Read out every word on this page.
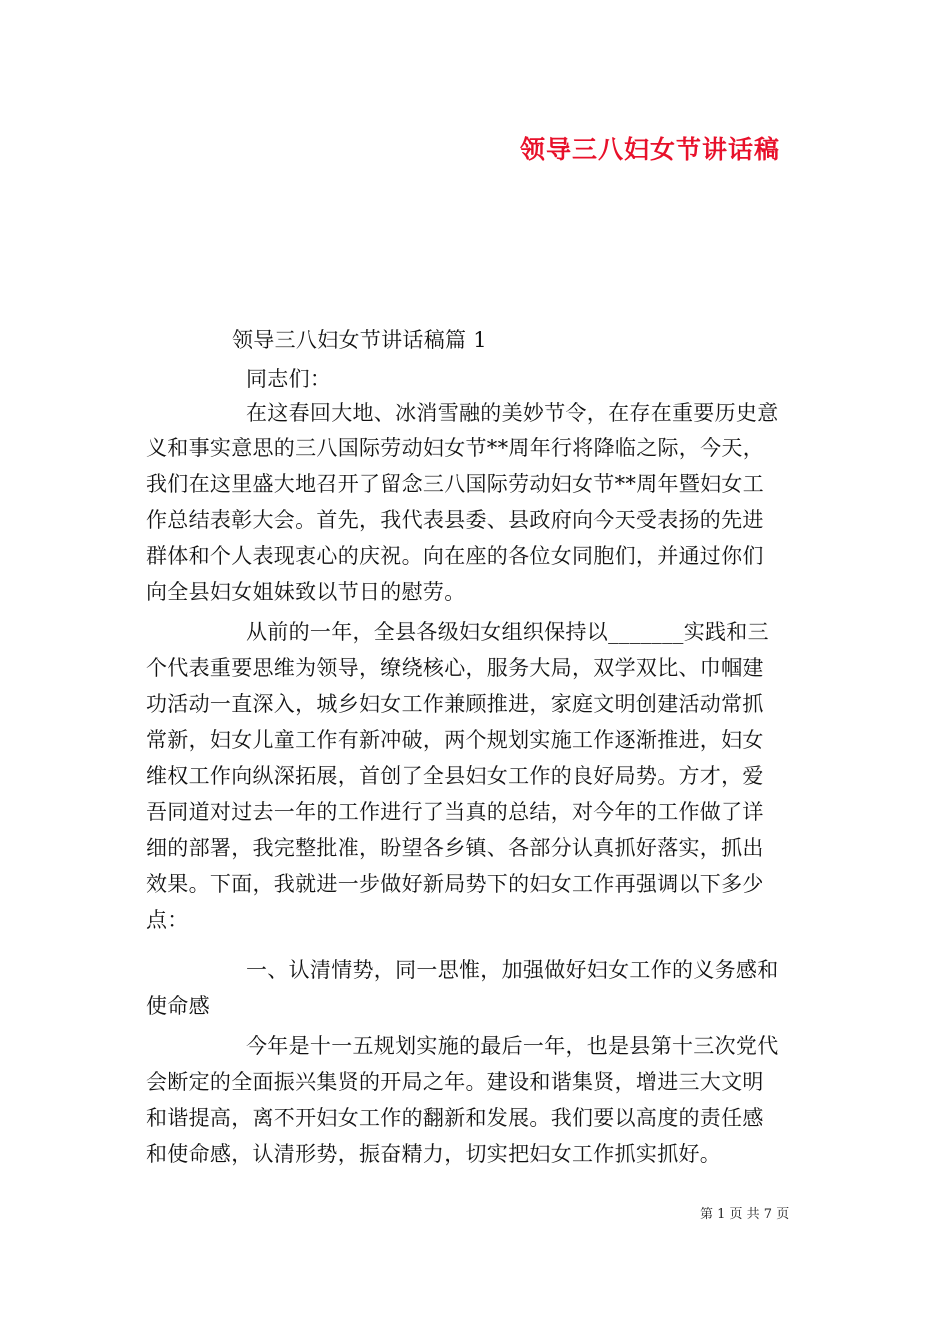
领导三八妇女节讲话稿
领导三八妇女节讲话稿篇 1
同志们：
在这春回大地、冰消雪融的美妙节令，在存在重要历史意
义和事实意思的三八国际劳动妇女节**周年行将降临之际，今天，
我们在这里盛大地召开了留念三八国际劳动妇女节**周年暨妇女工
作总结表彰大会。首先，我代表县委、县政府向今天受表扬的先进
群体和个人表现衷心的庆祝。向在座的各位女同胞们，并通过你们
向全县妇女姐妹致以节日的慰劳。
从前的一年，全县各级妇女组织保持以_______实践和三
个代表重要思维为领导，缭绕核心，服务大局，双学双比、巾帼建
功活动一直深入，城乡妇女工作兼顾推进，家庭文明创建活动常抓
常新，妇女儿童工作有新冲破，两个规划实施工作逐渐推进，妇女
维权工作向纵深拓展，首创了全县妇女工作的良好局势。方才，爱
吾同道对过去一年的工作进行了当真的总结，对今年的工作做了详
细的部署，我完整批准，盼望各乡镇、各部分认真抓好落实，抓出
效果。下面，我就进一步做好新局势下的妇女工作再强调以下多少
点：
一、认清情势，同一思惟，加强做好妇女工作的义务感和
使命感
今年是十一五规划实施的最后一年，也是县第十三次党代
会断定的全面振兴集贤的开局之年。建设和谐集贤，增进三大文明
和谐提高，离不开妇女工作的翻新和发展。我们要以高度的责任感
和使命感，认清形势，振奋精力，切实把妇女工作抓实抓好。
第 1 页 共 7 页
